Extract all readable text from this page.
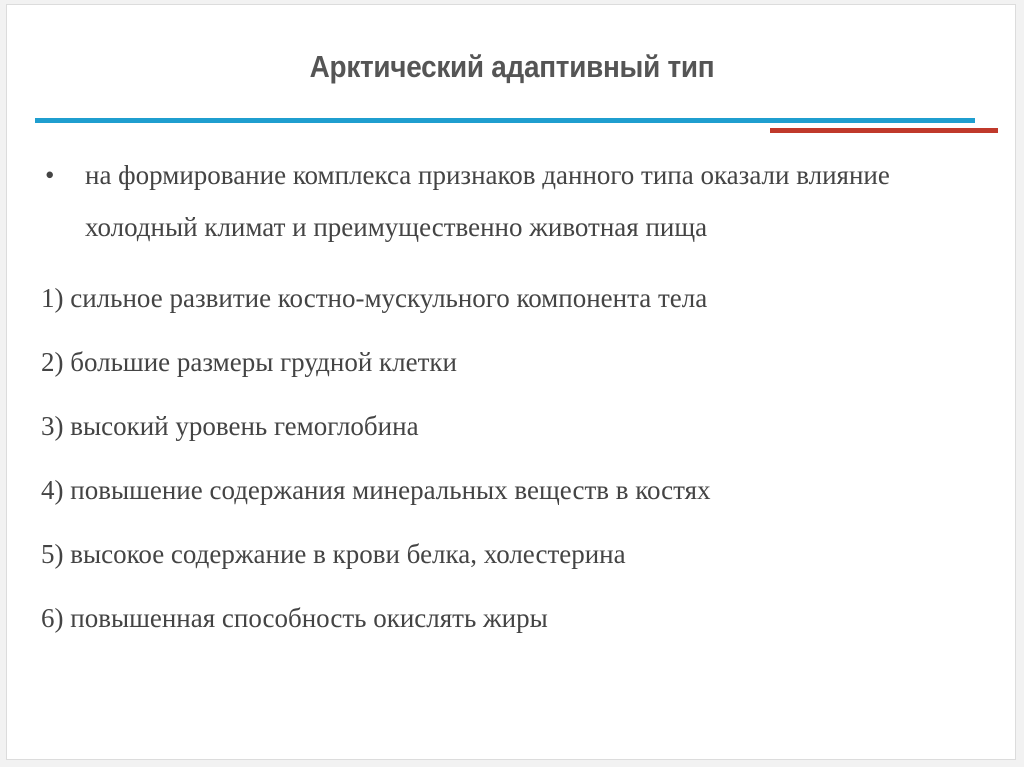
Арктический адаптивный тип
• на формирование комплекса признаков данного типа оказали влияние холодный климат и преимущественно животная пища
1) сильное развитие костно-мускульного компонента тела
2) большие размеры грудной клетки
3) высокий уровень гемоглобина
4) повышение содержания минеральных веществ в костях
5) высокое содержание в крови белка, холестерина
6) повышенная способность окислять жиры
